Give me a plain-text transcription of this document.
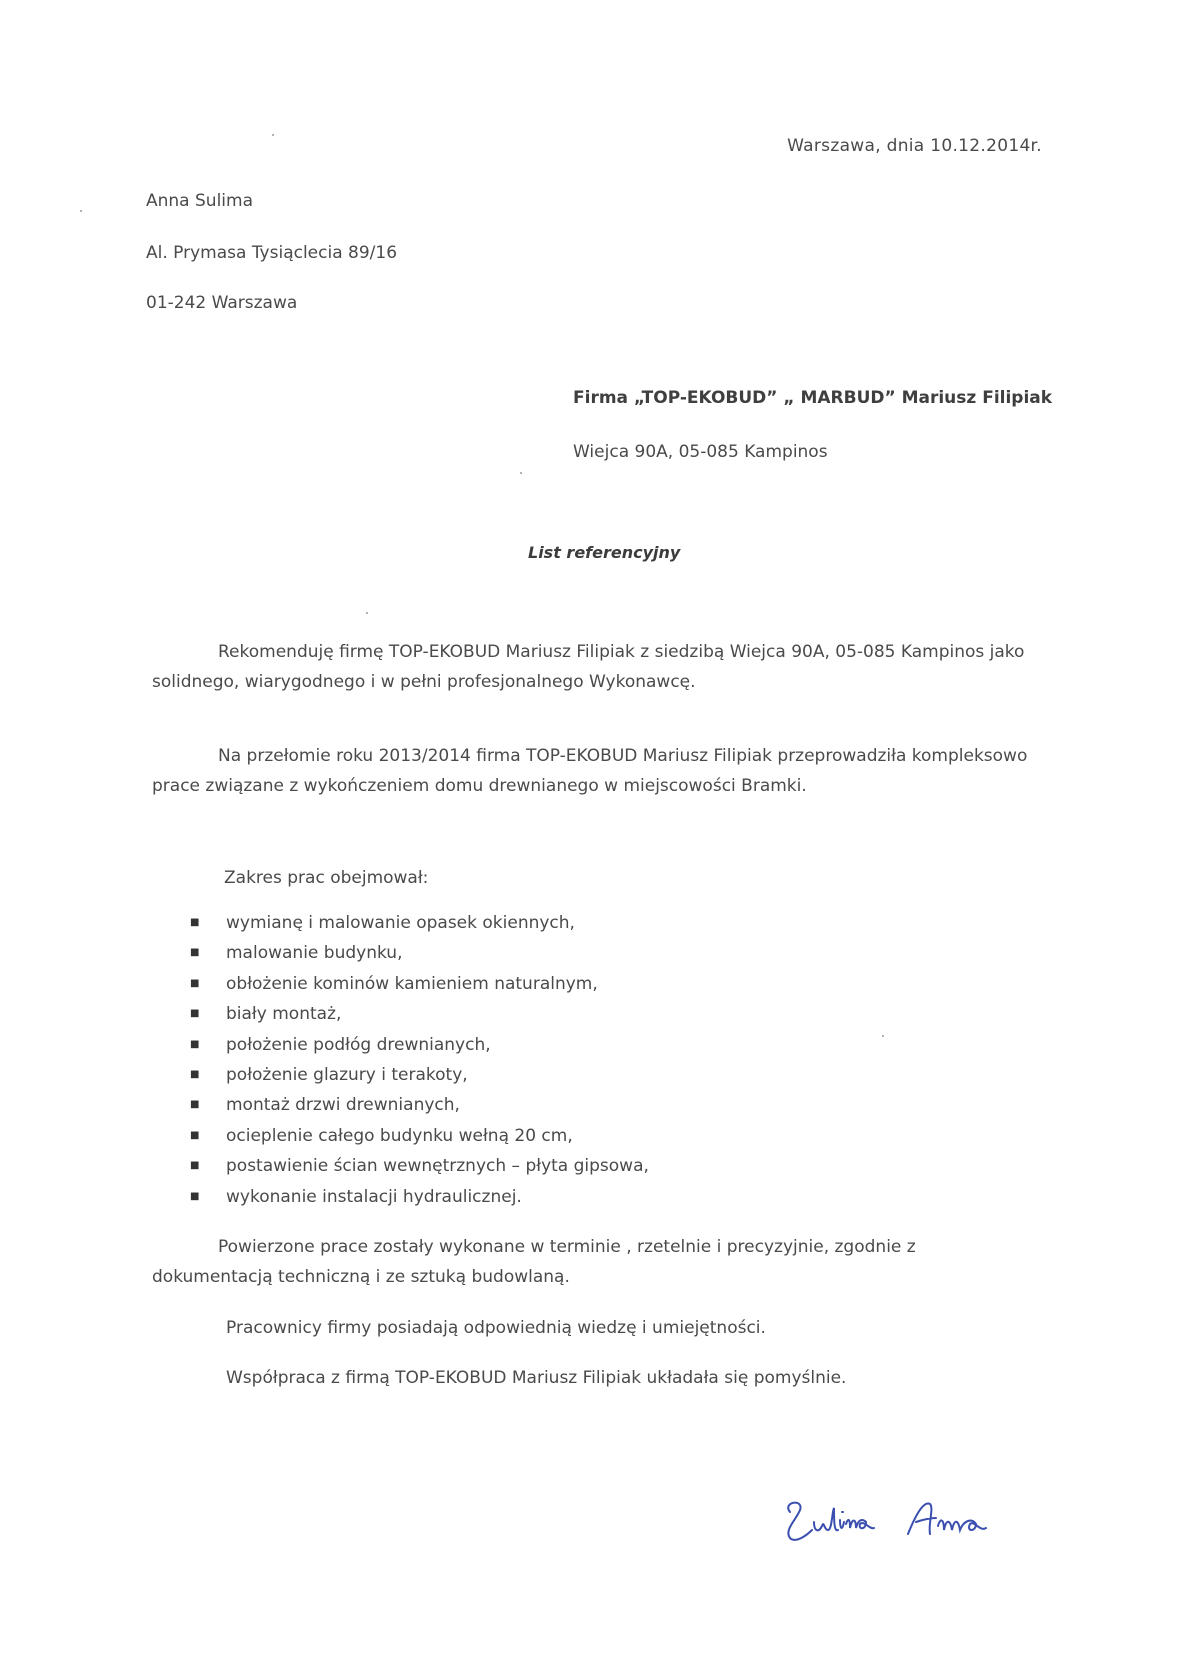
Warszawa, dnia 10.12.2014r.
Anna Sulima
Al. Prymasa Tysiąclecia 89/16
01-242 Warszawa
Firma „TOP-EKOBUD” „ MARBUD” Mariusz Filipiak
Wiejca 90A, 05-085 Kampinos
List referencyjny
Rekomenduję firmę TOP-EKOBUD Mariusz Filipiak z siedzibą Wiejca 90A, 05-085 Kampinos jako solidnego, wiarygodnego i w pełni profesjonalnego Wykonawcę.
Na przełomie roku 2013/2014 firma TOP-EKOBUD Mariusz Filipiak przeprowadziła kompleksowo prace związane z wykończeniem domu drewnianego w miejscowości Bramki.
Zakres prac obejmował:
■ wymianę i malowanie opasek okiennych,
■ malowanie budynku,
■ obłożenie kominów kamieniem naturalnym,
■ biały montaż,
■ położenie podłóg drewnianych,
■ położenie glazury i terakoty,
■ montaż drzwi drewnianych,
■ ocieplenie całego budynku wełną 20 cm,
■ postawienie ścian wewnętrznych – płyta gipsowa,
■ wykonanie instalacji hydraulicznej.
Powierzone prace zostały wykonane w terminie , rzetelnie i precyzyjnie, zgodnie z dokumentacją techniczną i ze sztuką budowlaną.
Pracownicy firmy posiadają odpowiednią wiedzę i umiejętności.
Współpraca z firmą TOP-EKOBUD Mariusz Filipiak układała się pomyślnie.
